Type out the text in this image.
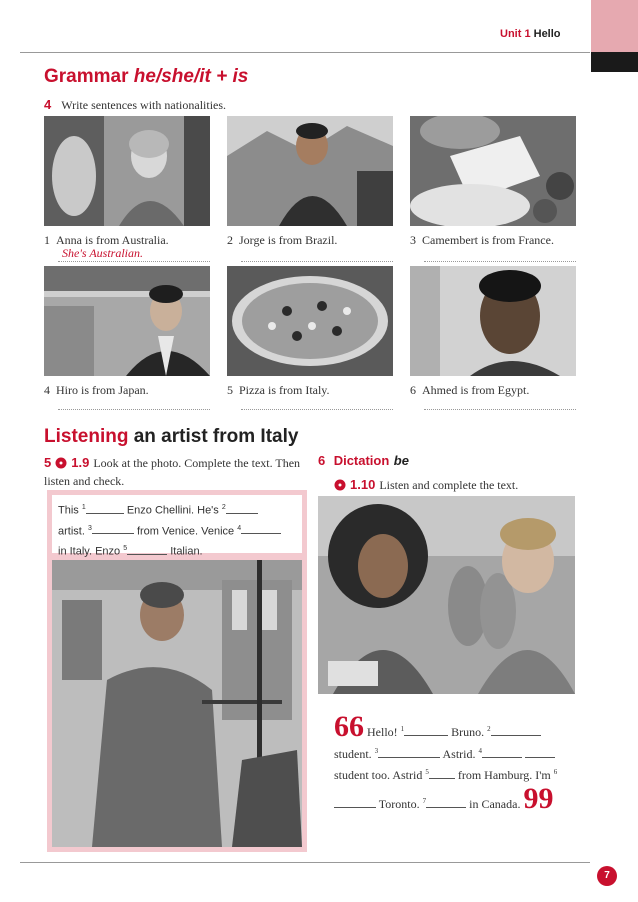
Unit 1 Hello
Grammar he/she/it + is
4 Write sentences with nationalities.
1 Anna is from Australia.
She's Australian.
2 Jorge is from Brazil.	3 Camembert is from France.
4 Hiro is from Japan.	5 Pizza is from Italy.	6 Ahmed is from Egypt.
Listening an artist from Italy
5 1.9 Look at the photo. Complete the text. Then listen and check.
This $^1$	Enzo Chellini. He's $^2$
artist. $^3$	from Venice. Venice $^4$
in Italy. Enzo $^5$	Italian.
6 Dictation be
1.10 Listen and complete the text.
66 Hello! $^1$	Bruno. $^2$ student. $^3$	Astrid. $^4$  student too. Astrid $^5$ from Hamburg. I'm $^6$ Toronto. $^7$	in Canada. 99
7
